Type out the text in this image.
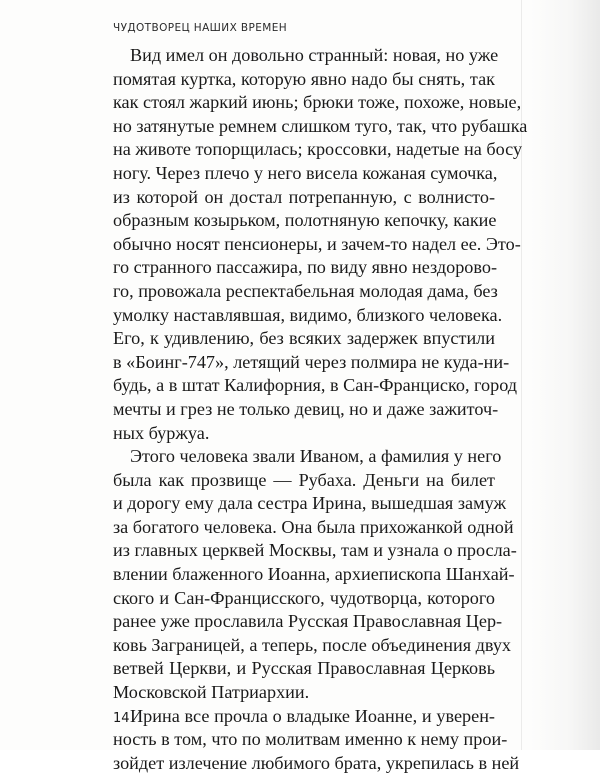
ЧУДОТВОРЕЦ НАШИХ ВРЕМЕН
Вид имел он довольно странный: новая, но уже
помятая куртка, которую явно надо бы снять, так
как стоял жаркий июнь; брюки тоже, похоже, новые,
но затянутые ремнем слишком туго, так, что рубашка
на животе топорщилась; кроссовки, надетые на босу
ногу. Через плечо у него висела кожаная сумочка,
из которой он достал потрепанную, с волнисто-
образным козырьком, полотняную кепочку, какие
обычно носят пенсионеры, и зачем-то надел ее. Это-
го странного пассажира, по виду явно нездорово-
го, провожала респектабельная молодая дама, без
умолку наставлявшая, видимо, близкого человека.
Его, к удивлению, без всяких задержек впустили
в «Боинг-747», летящий через полмира не куда-ни-
будь, а в штат Калифорния, в Сан-Франциско, город
мечты и грез не только девиц, но и даже зажиточ-
ных буржуа.
Этого человека звали Иваном, а фамилия у него
была как прозвище — Рубаха. Деньги на билет
и дорогу ему дала сестра Ирина, вышедшая замуж
за богатого человека. Она была прихожанкой одной
из главных церквей Москвы, там и узнала о просла-
влении блаженного Иоанна, архиепископа Шанхай-
ского и Сан-Францисского, чудотворца, которого
ранее уже прославила Русская Православная Цер-
ковь Заграницей, а теперь, после объединения двух
ветвей Церкви, и Русская Православная Церковь
Московской Патриархии.
Ирина все прочла о владыке Иоанне, и уверен-
ность в том, что по молитвам именно к нему прои-
зойдет излечение любимого брата, укрепилась в ней
14
